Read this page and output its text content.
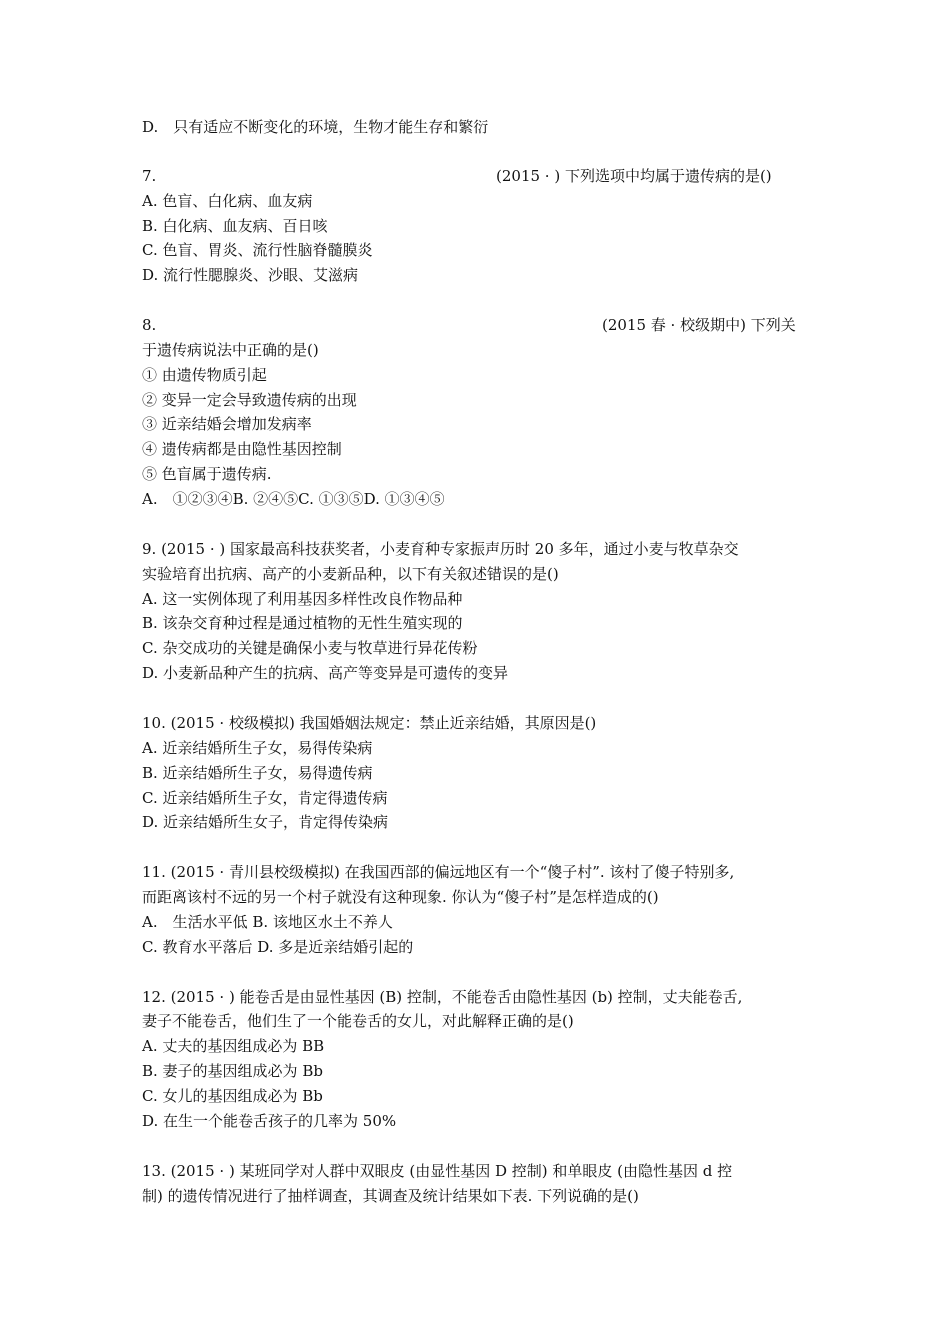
D.　只有适应不断变化的环境，生物才能生存和繁衍
7.	(2015 · ) 下列选项中均属于遗传病的是()
A. 色盲、白化病、血友病
B. 白化病、血友病、百日咳
C. 色盲、胃炎、流行性脑脊髓膜炎
D. 流行性腮腺炎、沙眼、艾滋病
8.	(2015 春 · 校级期中) 下列关
于遗传病说法中正确的是()
① 由遗传物质引起
② 变异一定会导致遗传病的出现
③ 近亲结婚会增加发病率
④ 遗传病都是由隐性基因控制
⑤ 色盲属于遗传病.
A.　①②③④B. ②④⑤C. ①③⑤D. ①③④⑤
9. (2015 · ) 国家最高科技获奖者，小麦育种专家振声历时 20 多年，通过小麦与牧草杂交
实验培育出抗病、高产的小麦新品种，以下有关叙述错误的是()
A. 这一实例体现了利用基因多样性改良作物品种
B. 该杂交育种过程是通过植物的无性生殖实现的
C. 杂交成功的关键是确保小麦与牧草进行异花传粉
D. 小麦新品种产生的抗病、高产等变异是可遗传的变异
10. (2015 · 校级模拟) 我国婚姻法规定：禁止近亲结婚，其原因是()
A. 近亲结婚所生子女，易得传染病
B. 近亲结婚所生子女，易得遗传病
C. 近亲结婚所生子女，肯定得遗传病
D. 近亲结婚所生女子，肯定得传染病
11. (2015 · 青川县校级模拟) 在我国西部的偏远地区有一个“傻子村”. 该村了傻子特别多,
而距离该村不远的另一个村子就没有这种现象. 你认为“傻子村”是怎样造成的()
A.　生活水平低 B. 该地区水土不养人
C. 教育水平落后 D. 多是近亲结婚引起的
12. (2015 · ) 能卷舌是由显性基因 (B) 控制，不能卷舌由隐性基因 (b) 控制，丈夫能卷舌,
妻子不能卷舌，他们生了一个能卷舌的女儿，对此解释正确的是()
A. 丈夫的基因组成必为 BB
B. 妻子的基因组成必为 Bb
C. 女儿的基因组成必为 Bb
D. 在生一个能卷舌孩子的几率为 50%
13. (2015 · ) 某班同学对人群中双眼皮 (由显性基因 D 控制) 和单眼皮 (由隐性基因 d 控
制) 的遗传情况进行了抽样调查，其调查及统计结果如下表. 下列说确的是()
